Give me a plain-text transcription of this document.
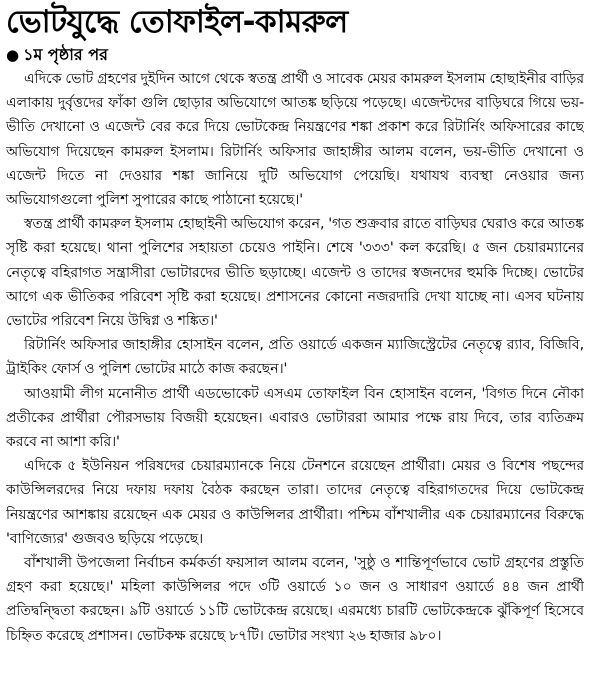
ভোটযুদ্ধে তোফাইল-কামরুল
● ১ম পৃষ্ঠার পর

এদিকে ভোট গ্রহণের দুইদিন আগে থেকে স্বতন্ত্র প্রার্থী ও সাবেক মেয়র কামরুল ইসলাম হোছাইনীর বাড়ির এলাকায় দুর্বৃত্তদের ফাঁকা গুলি ছোড়ার অভিযোগে আতঙ্ক ছড়িয়ে পড়েছে। এজেন্টদের বাড়িঘরে গিয়ে ভয়-ভীতি দেখানো ও এজেন্ট বের করে দিয়ে ভোটকেন্দ্র নিয়ন্ত্রণের শঙ্কা প্রকাশ করে রিটার্নিং অফিসারের কাছে অভিযোগ দিয়েছেন কামরুল ইসলাম। রিটার্নিং অফিসার জাহাঙ্গীর আলম বলেন, ভয়-ভীতি দেখানো ও এজেন্ট দিতে না দেওয়ার শঙ্কা জানিয়ে দুটি অভিযোগ পেয়েছি। যথাযথ ব্যবস্থা নেওয়ার জন্য অভিযোগগুলো পুলিশ সুপারের কাছে পাঠানো হয়েছে।'

স্বতন্ত্র প্রার্থী কামরুল ইসলাম হোছাইনী অভিযোগ করেন, 'গত শুক্রবার রাতে বাড়িঘর ঘেরাও করে আতঙ্ক সৃষ্টি করা হয়েছে। থানা পুলিশের সহায়তা চেয়েও পাইনি। শেষে '৩৩৩' কল করেছি। ৫ জন চেয়ারম্যানের নেতৃত্বে বহিরাগত সন্ত্রাসীরা ভোটারদের ভীতি ছড়াচ্ছে। এজেন্ট ও তাদের স্বজনদের হুমকি দিচ্ছে। ভোটের আগে এক ভীতিকর পরিবেশ সৃষ্টি করা হয়েছে। প্রশাসনের কোনো নজরদারি দেখা যাচ্ছে না। এসব ঘটনায় ভোটের পরিবেশ নিয়ে উদ্বিগ্ন ও শঙ্কিত।'

রিটার্নিং অফিসার জাহাঙ্গীর হোসাইন বলেন, প্রতি ওয়ার্ডে একজন ম্যাজিস্ট্রেটের নেতৃত্বে র‍্যাব, বিজিবি, ট্রাইকিং ফোর্স ও পুলিশ ভোটের মাঠে কাজ করছেন।'

আওয়ামী লীগ মনোনীত প্রার্থী এডভোকেট এসএম তোফাইল বিন হোসাইন বলেন, 'বিগত দিনে নৌকা প্রতীকের প্রার্থীরা পৌরসভায় বিজয়ী হয়েছেন। এবারও ভোটাররা আমার পক্ষে রায় দিবে, তার ব্যতিক্রম করবে না আশা করি।'

এদিকে ৫ ইউনিয়ন পরিষদের চেয়ারম্যানকে নিয়ে টেনশনে রয়েছেন প্রার্থীরা। মেয়র ও বিশেষ পছন্দের কাউন্সিলরদের নিয়ে দফায় দফায় বৈঠক করছেন তারা। তাদের নেতৃত্বে বহিরাগতদের দিয়ে ভোটকেন্দ্র নিয়ন্ত্রণের আশঙ্কায় রয়েছেন এক মেয়র ও কাউন্সিলর প্রার্থীরা। পশ্চিম বাঁশখালীর এক চেয়ারম্যানের বিরুদ্ধে 'বাণিজ্যের' গুজবও ছড়িয়ে পড়েছে।

বাঁশখালী উপজেলা নির্বাচন কর্মকর্তা ফয়সাল আলম বলেন, 'সুষ্ঠু ও শান্তিপূর্ণভাবে ভোট গ্রহণের প্রস্তুতি গ্রহণ করা হয়েছে।' মহিলা কাউন্সিলর পদে ৩টি ওয়ার্ডে ১০ জন ও সাধারণ ওয়ার্ডে ৪৪ জন প্রার্থী প্রতিদ্বন্দ্বিতা করছেন। ৯টি ওয়ার্ডে ১১টি ভোটকেন্দ্র রয়েছে। এরমধ্যে চারটি ভোটকেন্দ্রকে ঝুঁকিপূর্ণ হিসেবে চিহ্নিত করেছে প্রশাসন। ভোটকক্ষ রয়েছে ৮৭টি। ভোটার সংখ্যা ২৬ হাজার ৯৮০।
